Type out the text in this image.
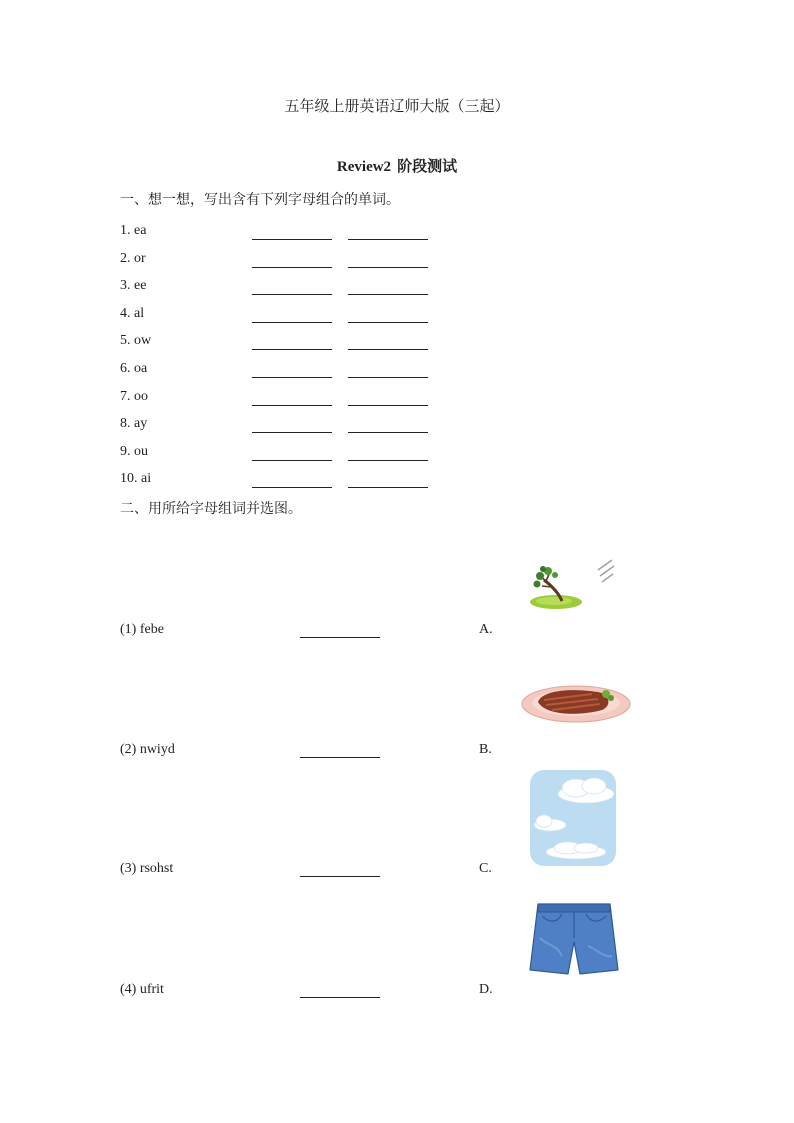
五年级上册英语辽师大版（三起）
Review2 阶段测试
一、想一想，写出含有下列字母组合的单词。
1. ea
2. or
3. ee
4. al
5. ow
6. oa
7. oo
8. ay
9. ou
10. ai
二、用所给字母组词并选图。
(1) febe	A.
(2) nwiyd	B.
(3) rsohst	C.
(4) ufrit	D.
